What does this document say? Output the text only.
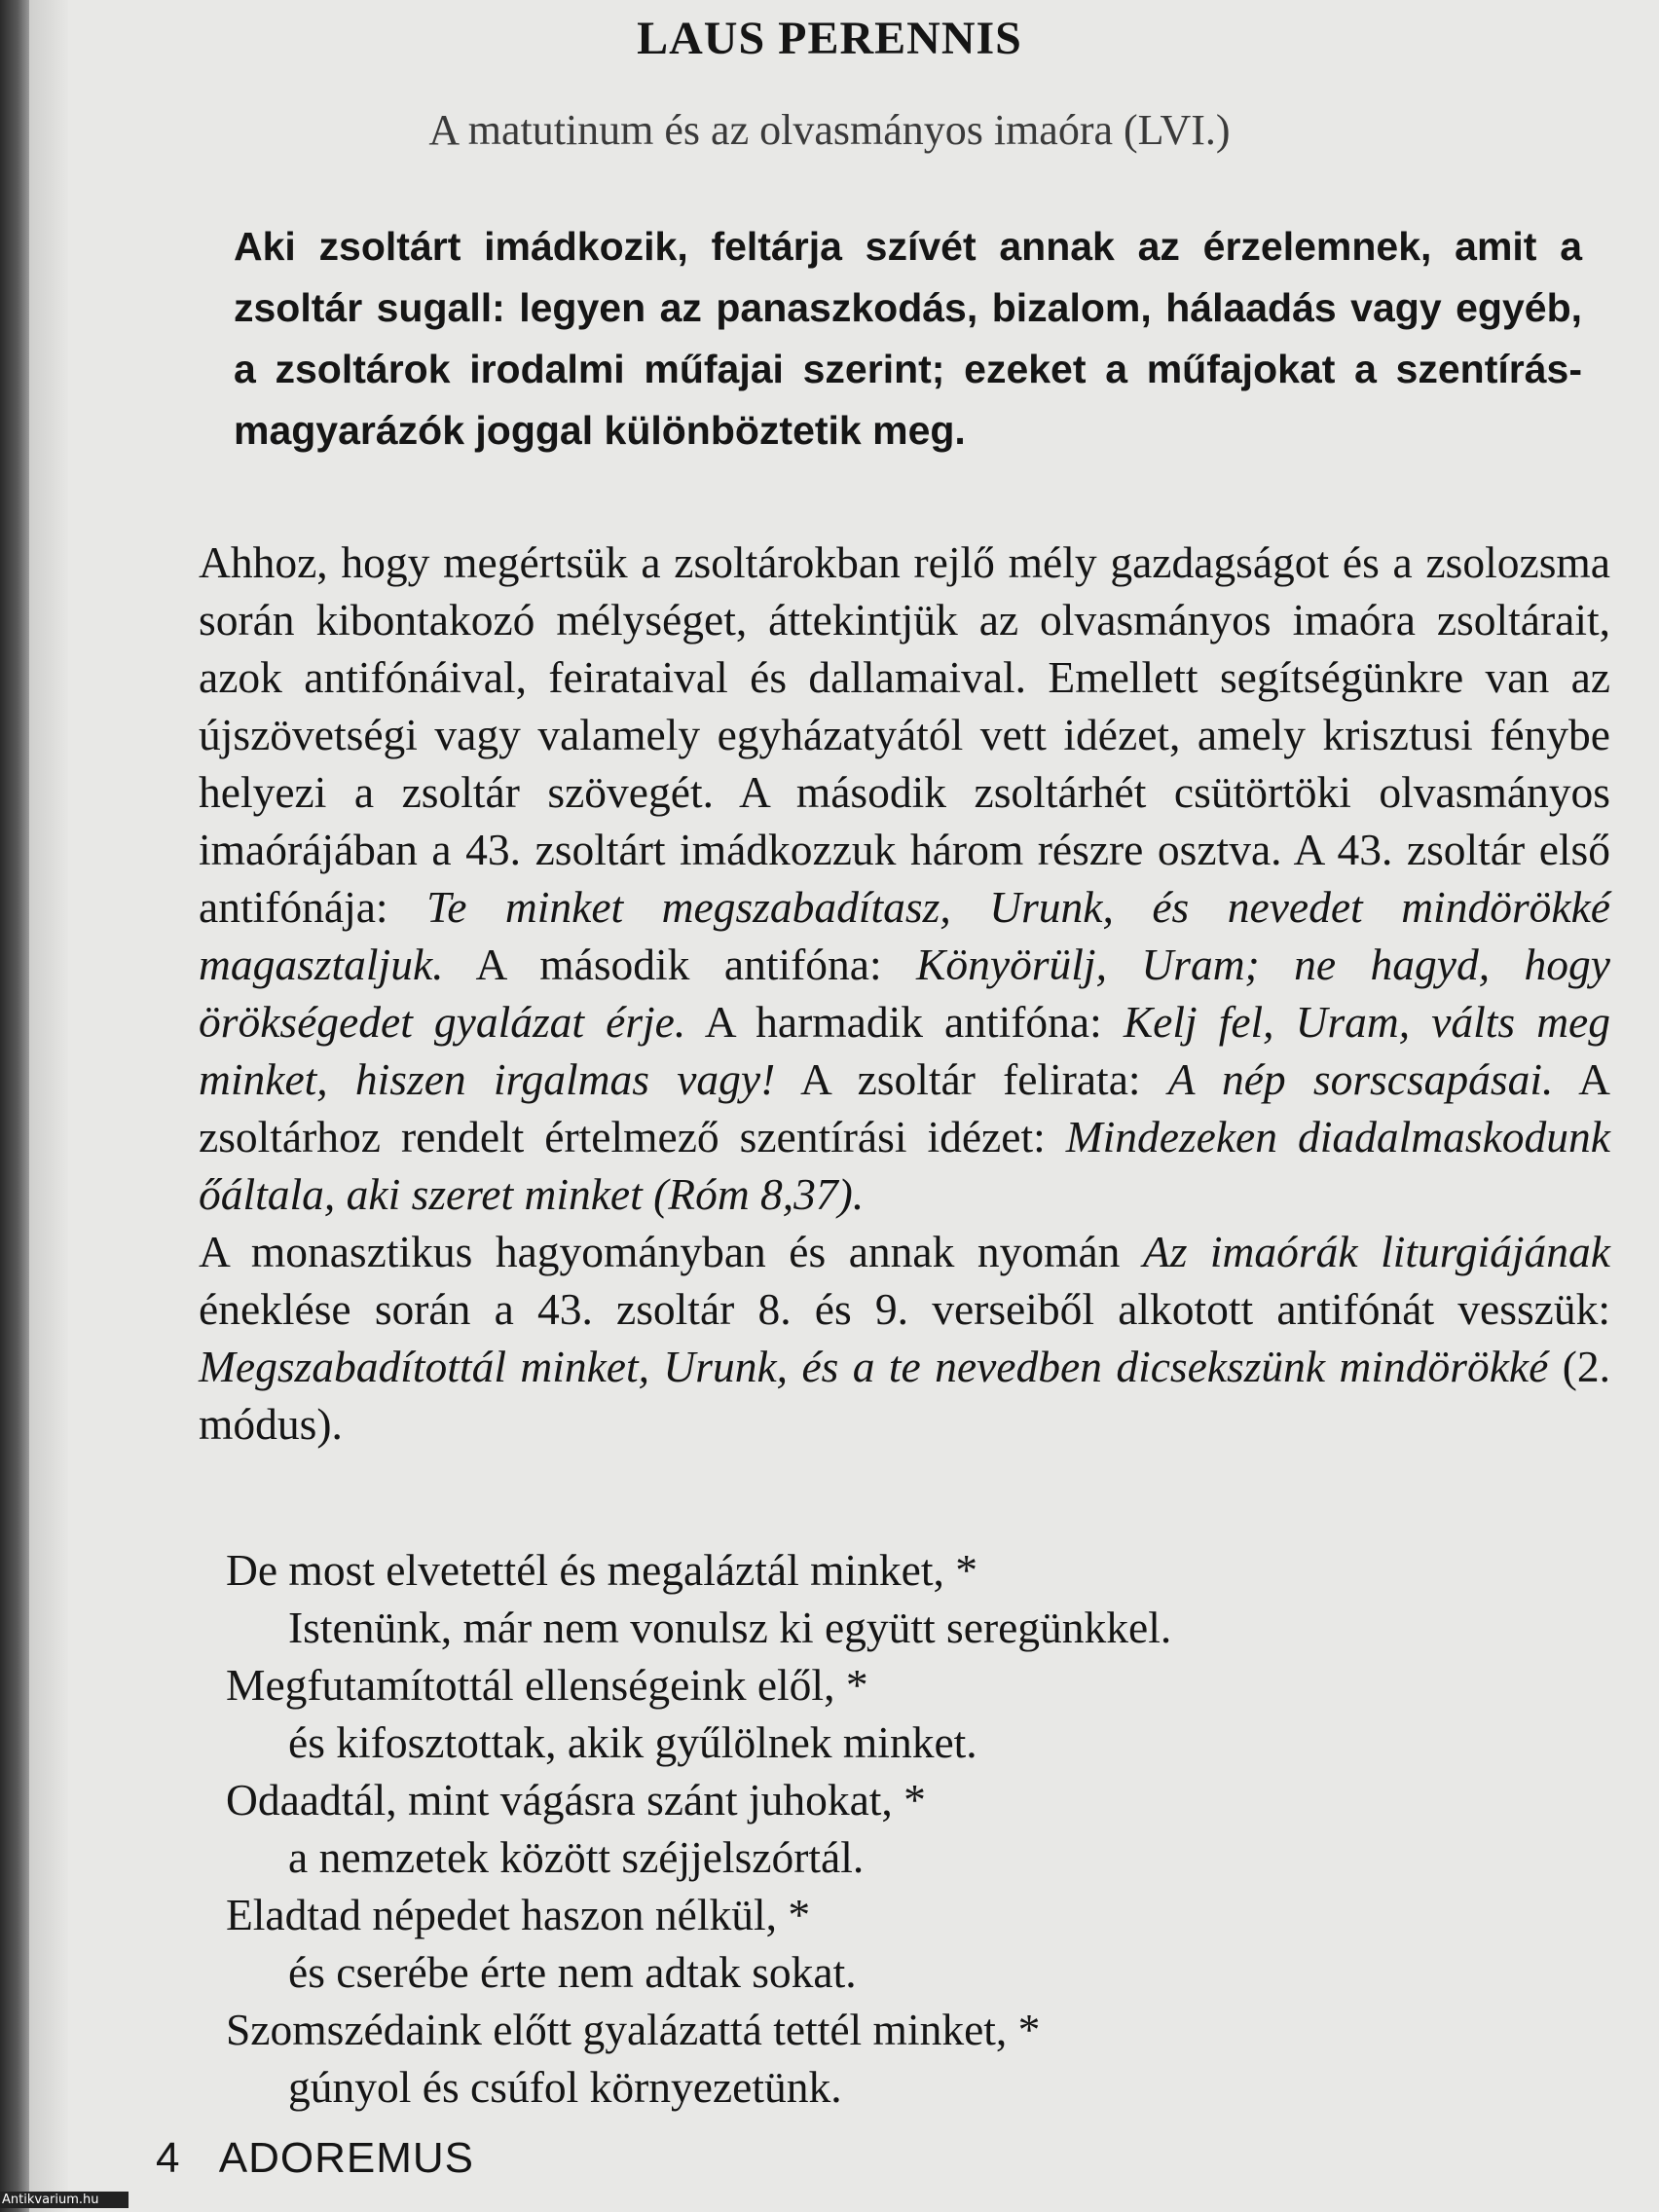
LAUS PERENNIS
A matutinum és az olvasmányos imaóra (LVI.)
Aki zsoltárt imádkozik, feltárja szívét annak az érzelemnek, amit a zsoltár sugall: legyen az panaszkodás, bizalom, hálaadás vagy egyéb, a zsoltárok irodalmi műfajai szerint; ezeket a műfajokat a szentírás-magyarázók joggal különböztetik meg.

Ahhoz, hogy megértsük a zsoltárokban rejlő mély gazdagságot és a zsolozsma során kibontakozó mélységet, áttekintjük az olvasmányos imaóra zsoltárait, azok antifónáival, feirataival és dallamaival. Emellett segítségünkre van az újszövetségi vagy valamely egyházatyától vett idézet, amely krisztusi fénybe helyezi a zsoltár szövegét. A második zsoltárhét csütörtöki olvasmányos imaórájában a 43. zsoltárt imádkozzuk három részre osztva. A 43. zsoltár első antifónája: Te minket megszabadítasz, Urunk, és nevedet mindörökké magasztaljuk. A második antifóna: Könyörülj, Uram; ne hagyd, hogy örökségedet gyalázat érje. A harmadik antifóna: Kelj fel, Uram, válts meg minket, hiszen irgalmas vagy! A zsoltár felirata: A nép sorscsapásai. A zsoltárhoz rendelt értelmező szentírási idézet: Mindezeken diadalmaskodunk őáltala, aki szeret minket (Róm 8,37).

A monasztikus hagyományban és annak nyomán Az imaórák liturgiájának éneklése során a 43. zsoltár 8. és 9. verseiből alkotott antifónát vesszük: Megszabadítottál minket, Urunk, és a te nevedben dicsekszünk mindörökké (2. módus).

De most elvetettél és megaláztál minket, *
Istenünk, már nem vonulsz ki együtt seregünkkel.
Megfutamítottál ellenségeink elől, *
és kifosztottak, akik gyűlölnek minket.
Odaadtál, mint vágásra szánt juhokat, *
a nemzetek között széjjelszórtál.
Eladtad népedet haszon nélkül, *
és cserébe érte nem adtak sokat.
Szomszédaink előtt gyalázattá tettél minket, *
gúnyol és csúfol környezetünk.
4 ADOREMUS
Antikvarium.hu
